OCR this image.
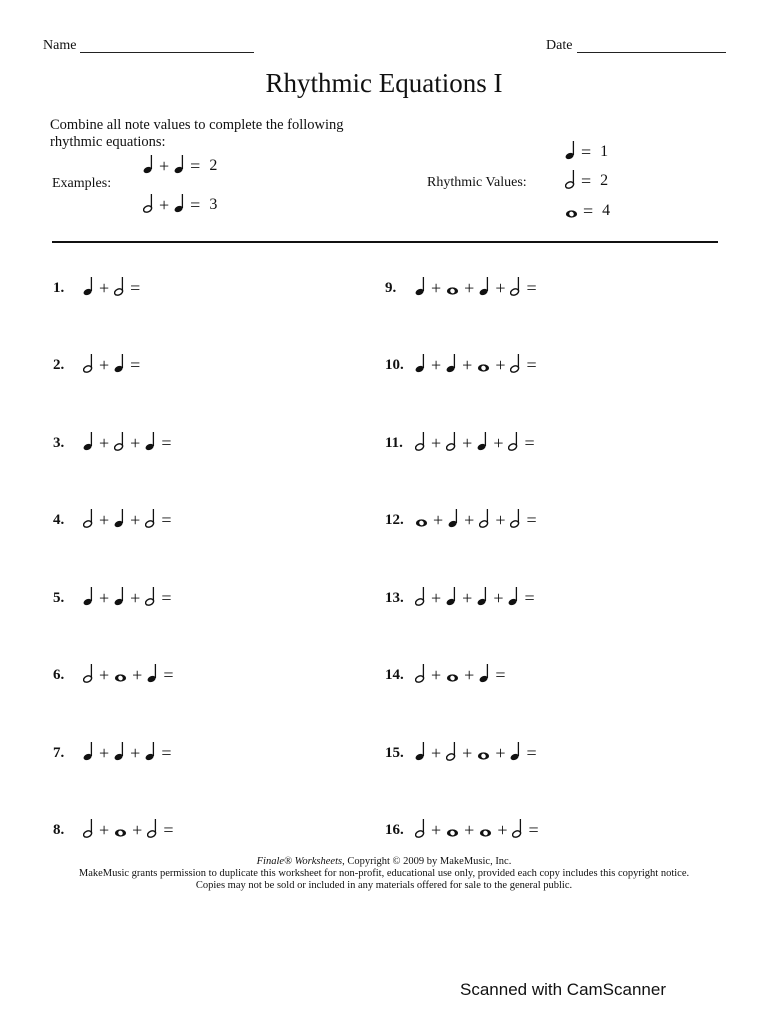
Name	Date
Rhythmic Equations I
Combine all note values to complete the following rhythmic equations:
Examples:
+ = 2
+ = 3
Rhythmic Values:
= 1
= 2
= 4
1.	+ =
2.	+ =
3.	+ + =
4.	+ + =
5.	+ + =
6.	+ + =
7.	+ + =
8.	+ + =
9.	+ + + =
10.	+ + + =
11.	+ + + =
12.	+ + + =
13.	+ + + =
14.	+ + =
15.	+ + + =
16.	+ + + =
Finale® Worksheets, Copyright © 2009 by MakeMusic, Inc.
MakeMusic grants permission to duplicate this worksheet for non-profit, educational use only, provided each copy includes this copyright notice.
Copies may not be sold or included in any materials offered for sale to the general public.
Scanned with CamScanner
